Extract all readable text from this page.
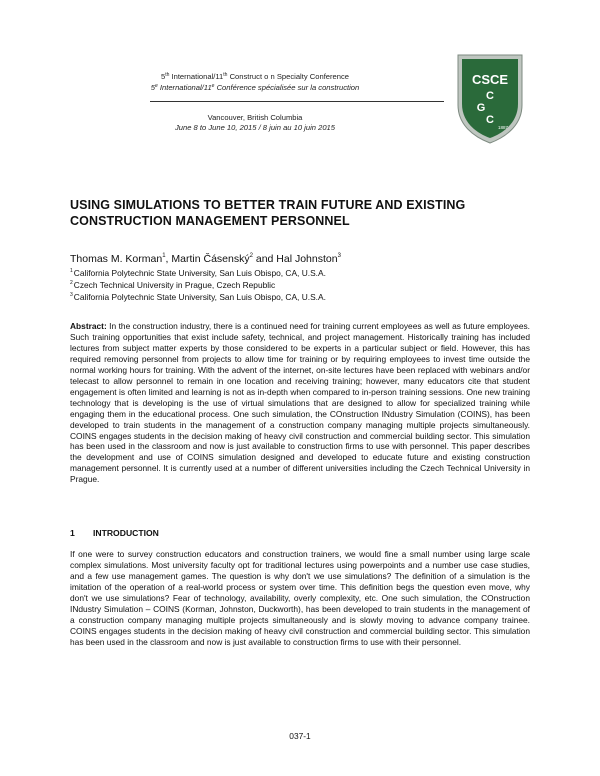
5th International/11th Construct o n Specialty Conference
5e International/11e Conférence spécialisée sur la construction
Vancouver, British Columbia
June 8 to June 10, 2015 / 8 juin au 10 juin 2015
CSCE
C
G
C
1887
USING SIMULATIONS TO BETTER TRAIN FUTURE AND EXISTING CONSTRUCTION MANAGEMENT PERSONNEL
Thomas M. Korman$^1$, Martin Čásenský$^2$ and Hal Johnston$^3$
$^1$California Polytechnic State University, San Luis Obispo, CA, U.S.A.
$^2$Czech Technical University in Prague, Czech Republic
$^3$California Polytechnic State University, San Luis Obispo, CA, U.S.A.
Abstract: In the construction industry, there is a continued need for training current employees as well as future employees. Such training opportunities that exist include safety, technical, and project management. Historically training has included lectures from subject matter experts by those considered to be experts in a particular subject or field. However, this has required removing personnel from projects to allow time for training or by requiring employees to invest time outside the normal working hours for training. With the advent of the internet, on-site lectures have been replaced with webinars and/or telecast to allow personnel to remain in one location and receiving training; however, many educators cite that student engagement is often limited and learning is not as in-depth when compared to in-person training sessions. One new training technology that is developing is the use of virtual simulations that are designed to allow for specialized training while engaging them in the educational process. One such simulation, the COnstruction INdustry Simulation (COINS), has been developed to train students in the management of a construction company managing multiple projects simultaneously. COINS engages students in the decision making of heavy civil construction and commercial building sector. This simulation has been used in the classroom and now is just available to construction firms to use with personnel. This paper describes the development and use of COINS simulation designed and developed to educate future and existing construction management personnel. It is currently used at a number of different universities including the Czech Technical University in Prague.
1 INTRODUCTION
If one were to survey construction educators and construction trainers, we would fine a small number using large scale complex simulations. Most university faculty opt for traditional lectures using powerpoints and a number use case studies, and a few use management games. The question is why don't we use simulations? The definition of a simulation is the imitation of the operation of a real-world process or system over time. This definition begs the question even move, why don't we use simulations? Fear of technology, availability, overly complexity, etc. One such simulation, the COnstruction INdustry Simulation – COINS (Korman, Johnston, Duckworth), has been developed to train students in the management of a construction company managing multiple projects simultaneously and is slowly moving to advance company trainee. COINS engages students in the decision making of heavy civil construction and commercial building sector. This simulation has been used in the classroom and now is just available to construction firms to use with their personnel.
037-1
